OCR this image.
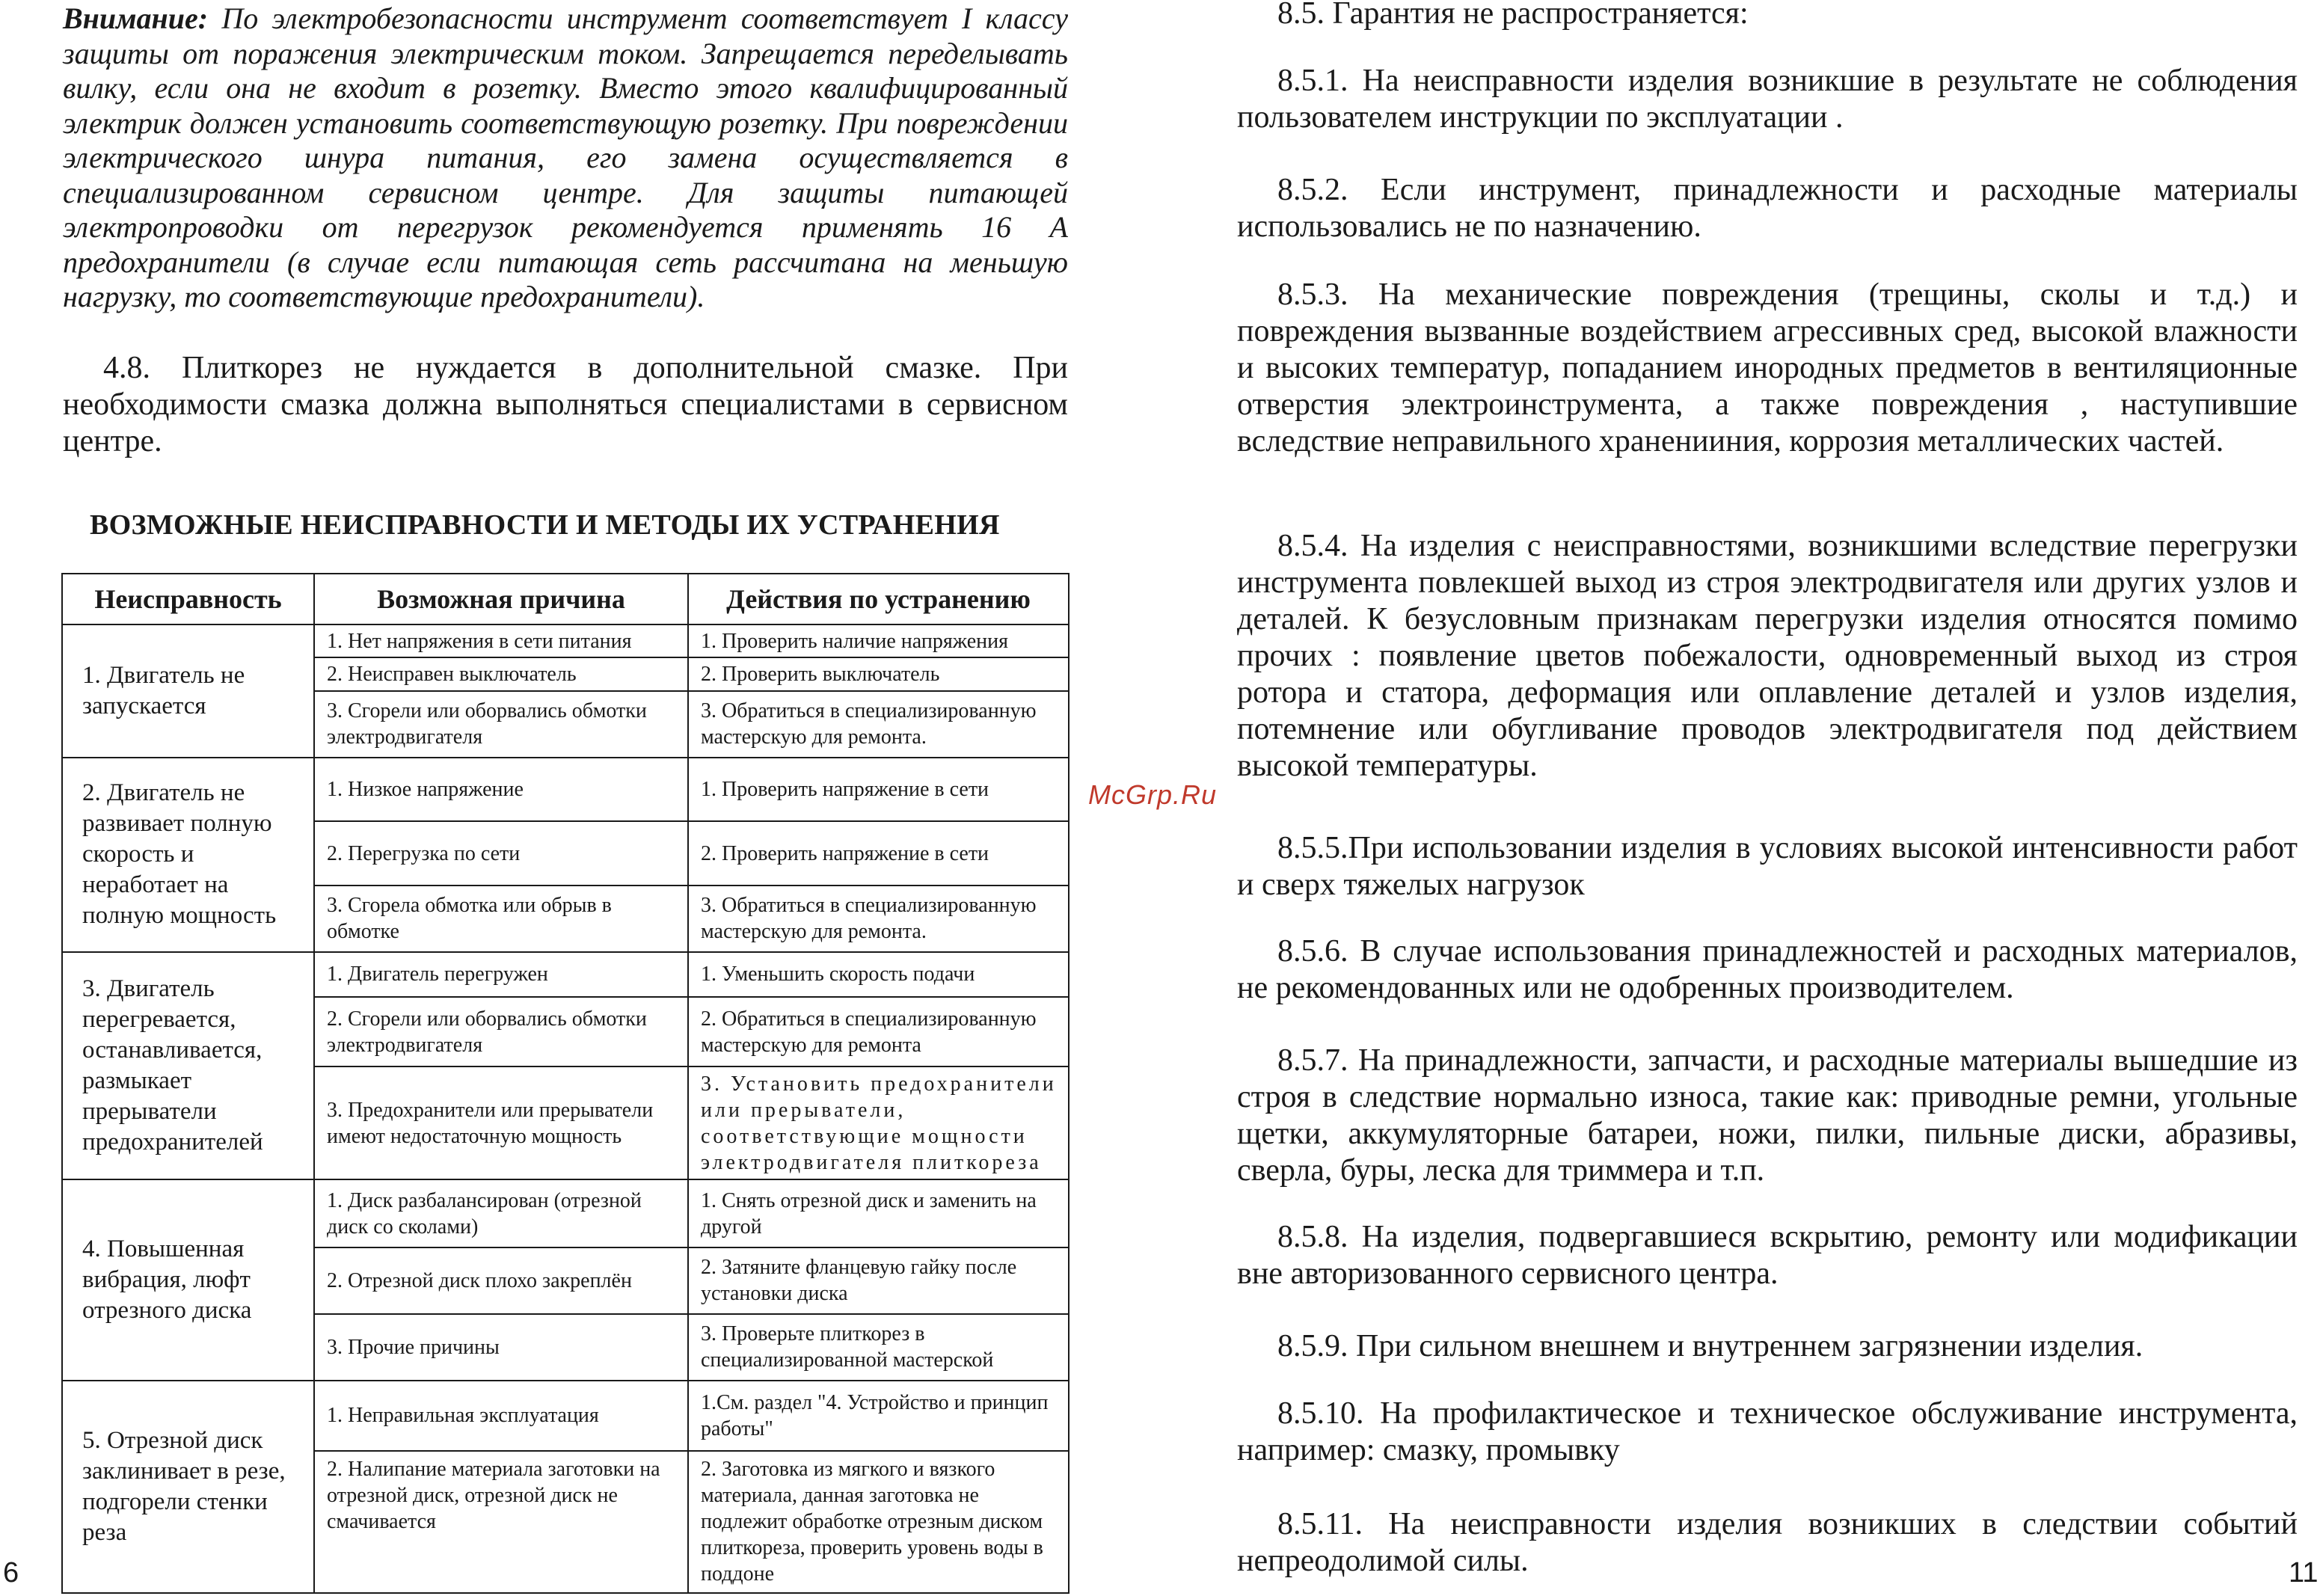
Внимание: По электробезопасности инструмент соответствует I классу защиты от поражения электрическим током. Запрещается переделывать вилку, если она не входит в розетку. Вместо этого квалифицированный электрик должен установить соответствующую розетку. При повреждении электрического шнура питания, его замена осуществляется в специализированном сервисном центре. Для защиты питающей электропроводки от перегрузок рекомендуется применять 16 А предохранители (в случае если питающая сеть рассчитана на меньшую нагрузку, то соответствующие предохранители).
4.8. Плиткорез не нуждается в дополнительной смазке. При необходимости смазка должна выполняться специалистами в сервисном центре.
ВОЗМОЖНЫЕ НЕИСПРАВНОСТИ И МЕТОДЫ ИХ УСТРАНЕНИЯ
Неисправность	Возможная причина	Действия по устранению
1. Двигатель не запускается	1. Нет напряжения в сети питания	1. Проверить наличие напряжения
	2. Неисправен выключатель	2. Проверить выключатель
	3. Сгорели или оборвались обмотки электродвигателя	3. Обратиться в специализированную мастерскую для ремонта.
2. Двигатель не развивает полную скорость и неработает на полную мощность	1. Низкое напряжение	1. Проверить напряжение в сети
	2. Перегрузка по сети	2. Проверить напряжение в сети
	3. Сгорела обмотка или обрыв в обмотке	3. Обратиться в специализированную мастерскую для ремонта.
3. Двигатель перегревается, останавливается, размыкает прерыватели предохранителей	1. Двигатель перегружен	1. Уменьшить скорость подачи
	2. Сгорели или оборвались обмотки электродвигателя	2. Обратиться в специализированную мастерскую для ремонта
	3. Предохранители или прерыватели имеют недостаточную мощность	3. Установить предохранители или прерыватели, соответствующие мощности электродвигателя плиткореза
4. Повышенная вибрация, люфт отрезного диска	1. Диск разбалансирован (отрезной диск со сколами)	1. Снять отрезной диск и заменить на другой
	2. Отрезной диск плохо закреплён	2. Затяните фланцевую гайку после установки диска
	3. Прочие причины	3. Проверьте плиткорез в специализированной мастерской
5. Отрезной диск заклинивает в резе, подгорели стенки реза	1. Неправильная эксплуатация	1.См. раздел "4. Устройство и принцип работы"
	2. Налипание материала заготовки на отрезной диск, отрезной диск не смачивается	2. Заготовка из мягкого и вязкого материала, данная заготовка не подлежит обработке отрезным диском плиткореза, проверить уровень воды в поддоне
6
McGrp.Ru
8.5. Гарантия не распространяется:
8.5.1. На неисправности изделия возникшие в результате не соблюдения пользователем инструкции по эксплуатации .
8.5.2. Если инструмент, принадлежности и расходные материалы использовались не по назначению.
8.5.3. На механические повреждения (трещины, сколы и т.д.) и повреждения вызванные воздействием агрессивных сред, высокой влажности и высоких температур, попаданием инородных предметов в вентиляционные отверстия электроинструмента, а также повреждения , наступившие вследствие неправильного храненииния, коррозия металлических частей.
8.5.4. На изделия с неисправностями, возникшими вследствие перегрузки инструмента повлекшей выход из строя электродвигателя или других узлов и деталей. К безусловным признакам перегрузки изделия относятся помимо прочих : появление цветов побежалости, одновременный выход из строя ротора и статора, деформация или оплавление деталей и узлов изделия, потемнение или обугливание проводов электродвигателя под действием высокой температуры.
8.5.5.При использовании изделия в условиях высокой интенсивности работ и сверх тяжелых нагрузок
8.5.6. В случае использования принадлежностей и расходных материалов, не рекомендованных или не одобренных производителем.
8.5.7. На принадлежности, запчасти, и расходные материалы вышедшие из строя в следствие нормально износа, такие как: приводные ремни, угольные щетки, аккумуляторные батареи, ножи, пилки, пильные диски, абразивы, сверла, буры, леска для триммера и т.п.
8.5.8. На изделия, подвергавшиеся вскрытию, ремонту или модификации вне авторизованного сервисного центра.
8.5.9. При сильном внешнем и внутреннем загрязнении изделия.
8.5.10. На профилактическое и техническое обслуживание инструмента, например: смазку, промывку
8.5.11. На неисправности изделия возникших в следствии событий непреодолимой силы.	11
